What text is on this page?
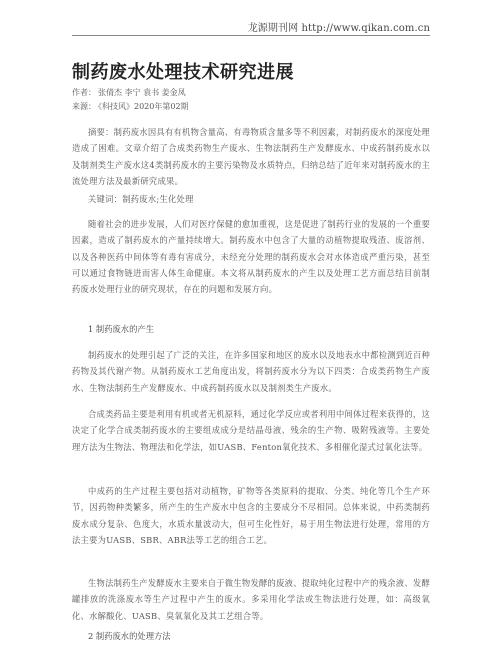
龙源期刊网 http://www.qikan.com.cn
制药废水处理技术研究进展
作者： 张倩杰 李宁 袁书 姜金凤
来源： 《科技风》2020年第02期

摘要：制药废水因具有有机物含量高、有毒物质含量多等不利因素，对制药废水的深度处理造成了困难。文章介绍了合成类药物生产废水、生物法制药生产发酵废水、中成药制药废水以及制剂类生产废水这4类制药废水的主要污染物及水质特点，归纳总结了近年来对制药废水的主流处理方法及最新研究成果。

关键词：制药废水;生化处理

随着社会的进步发展，人们对医疗保健的愈加重视，这是促进了制药行业的发展的一个重要因素，造成了制药废水的产量持续增大。制药废水中包含了大量的动植物提取残渣、废溶剂、以及各种医药中间体等有毒有害成分，未经充分处理的制药废水会对水体造成严重污染，甚至可以通过食物链进而害人体生命健康。本文将从制药废水的产生以及处理工艺方面总结目前制药废水处理行业的研究现状，存在的问题和发展方向。

1 制药废水的产生

制药废水的处理引起了广泛的关注，在许多国家和地区的废水以及地表水中都检测到近百种药物及其代谢产物。从制药废水工艺角度出发，将制药废水分为以下四类：合成类药物生产废水、生物法制药生产发酵废水、中成药制药废水以及制剂类生产废水。

合成类药品主要是利用有机或者无机原料，通过化学反应或者利用中间体过程来获得的，这决定了化学合成类制药废水的主要组成成分是结晶母液、残余的生产物、吸附残液等。主要处理方法为生物法、物理法和化学法，如UASB、Fenton氧化技术、多相催化湿式过氧化法等。

中成药的生产过程主要包括对动植物，矿物等各类原料的提取、分类、纯化等几个生产环节，因药物种类繁多，所产生的生产废水中包含的主要成分不尽相同。总体来说，中药类制药废水成分复杂、色度大，水质水量波动大，但可生化性好，易于用生物法进行处理，常用的方法主要为UASB、SBR、ABR法等工艺的组合工艺。

生物法制药生产发酵废水主要来自于微生物发酵的废液、提取纯化过程中产的残余液、发酵罐排放的洗涤废水等生产过程中产生的废水。多采用化学法或生物法进行处理，如：高级氧化、水解酸化、UASB、臭氧氧化及其工艺组合等。

2 制药废水的处理方法
